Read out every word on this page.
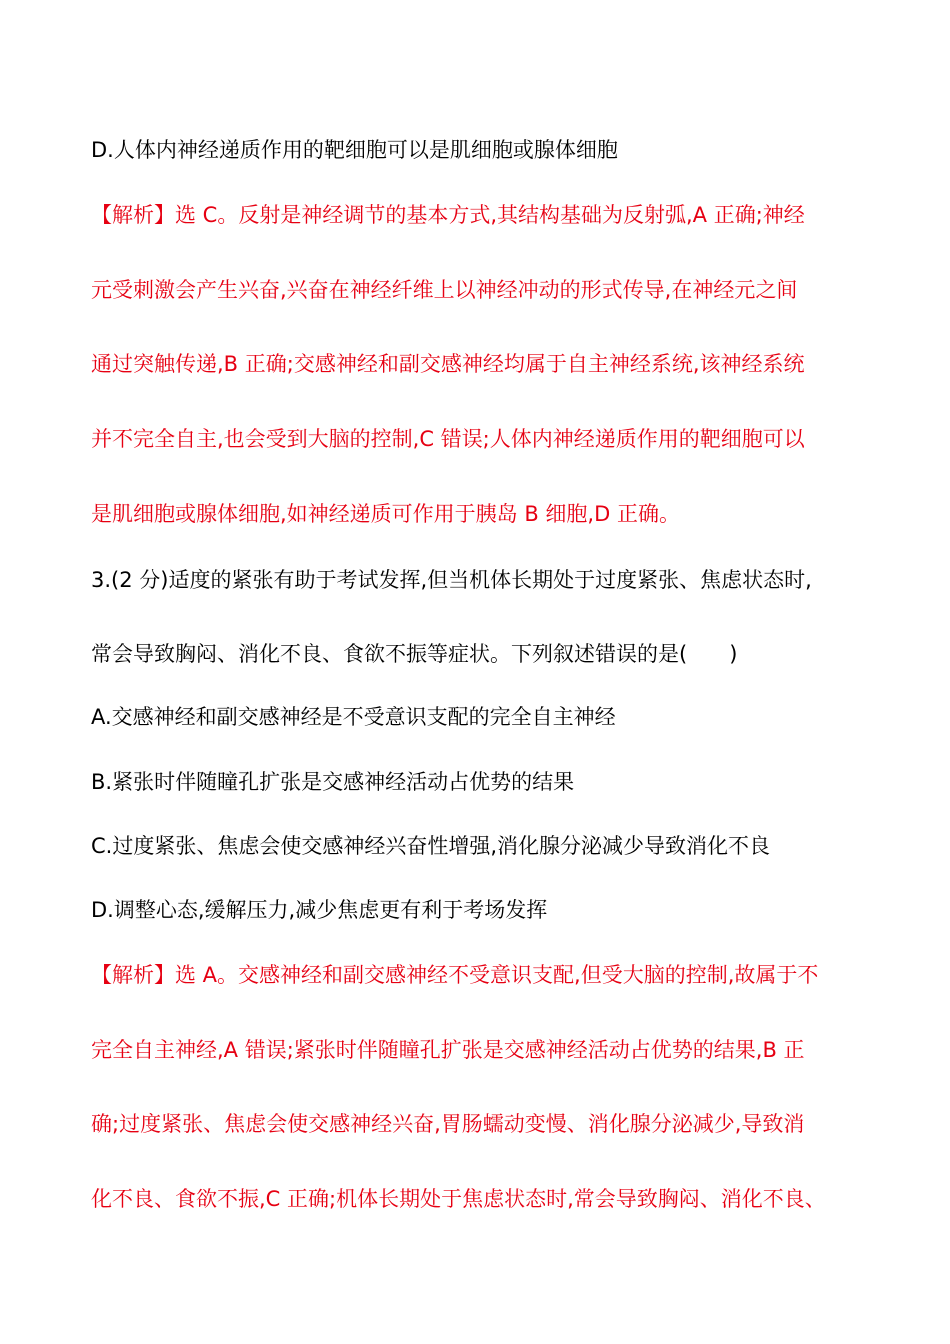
D.人体内神经递质作用的靶细胞可以是肌细胞或腺体细胞
【解析】选 C。反射是神经调节的基本方式,其结构基础为反射弧,A 正确;神经
元受刺激会产生兴奋,兴奋在神经纤维上以神经冲动的形式传导,在神经元之间
通过突触传递,B 正确;交感神经和副交感神经均属于自主神经系统,该神经系统
并不完全自主,也会受到大脑的控制,C 错误;人体内神经递质作用的靶细胞可以
是肌细胞或腺体细胞,如神经递质可作用于胰岛 B 细胞,D 正确。
3.(2 分)适度的紧张有助于考试发挥,但当机体长期处于过度紧张、焦虑状态时,
常会导致胸闷、消化不良、食欲不振等症状。下列叙述错误的是(　　)
A.交感神经和副交感神经是不受意识支配的完全自主神经
B.紧张时伴随瞳孔扩张是交感神经活动占优势的结果
C.过度紧张、焦虑会使交感神经兴奋性增强,消化腺分泌减少导致消化不良
D.调整心态,缓解压力,减少焦虑更有利于考场发挥
【解析】选 A。交感神经和副交感神经不受意识支配,但受大脑的控制,故属于不
完全自主神经,A 错误;紧张时伴随瞳孔扩张是交感神经活动占优势的结果,B 正
确;过度紧张、焦虑会使交感神经兴奋,胃肠蠕动变慢、消化腺分泌减少,导致消
化不良、食欲不振,C 正确;机体长期处于焦虑状态时,常会导致胸闷、消化不良、
